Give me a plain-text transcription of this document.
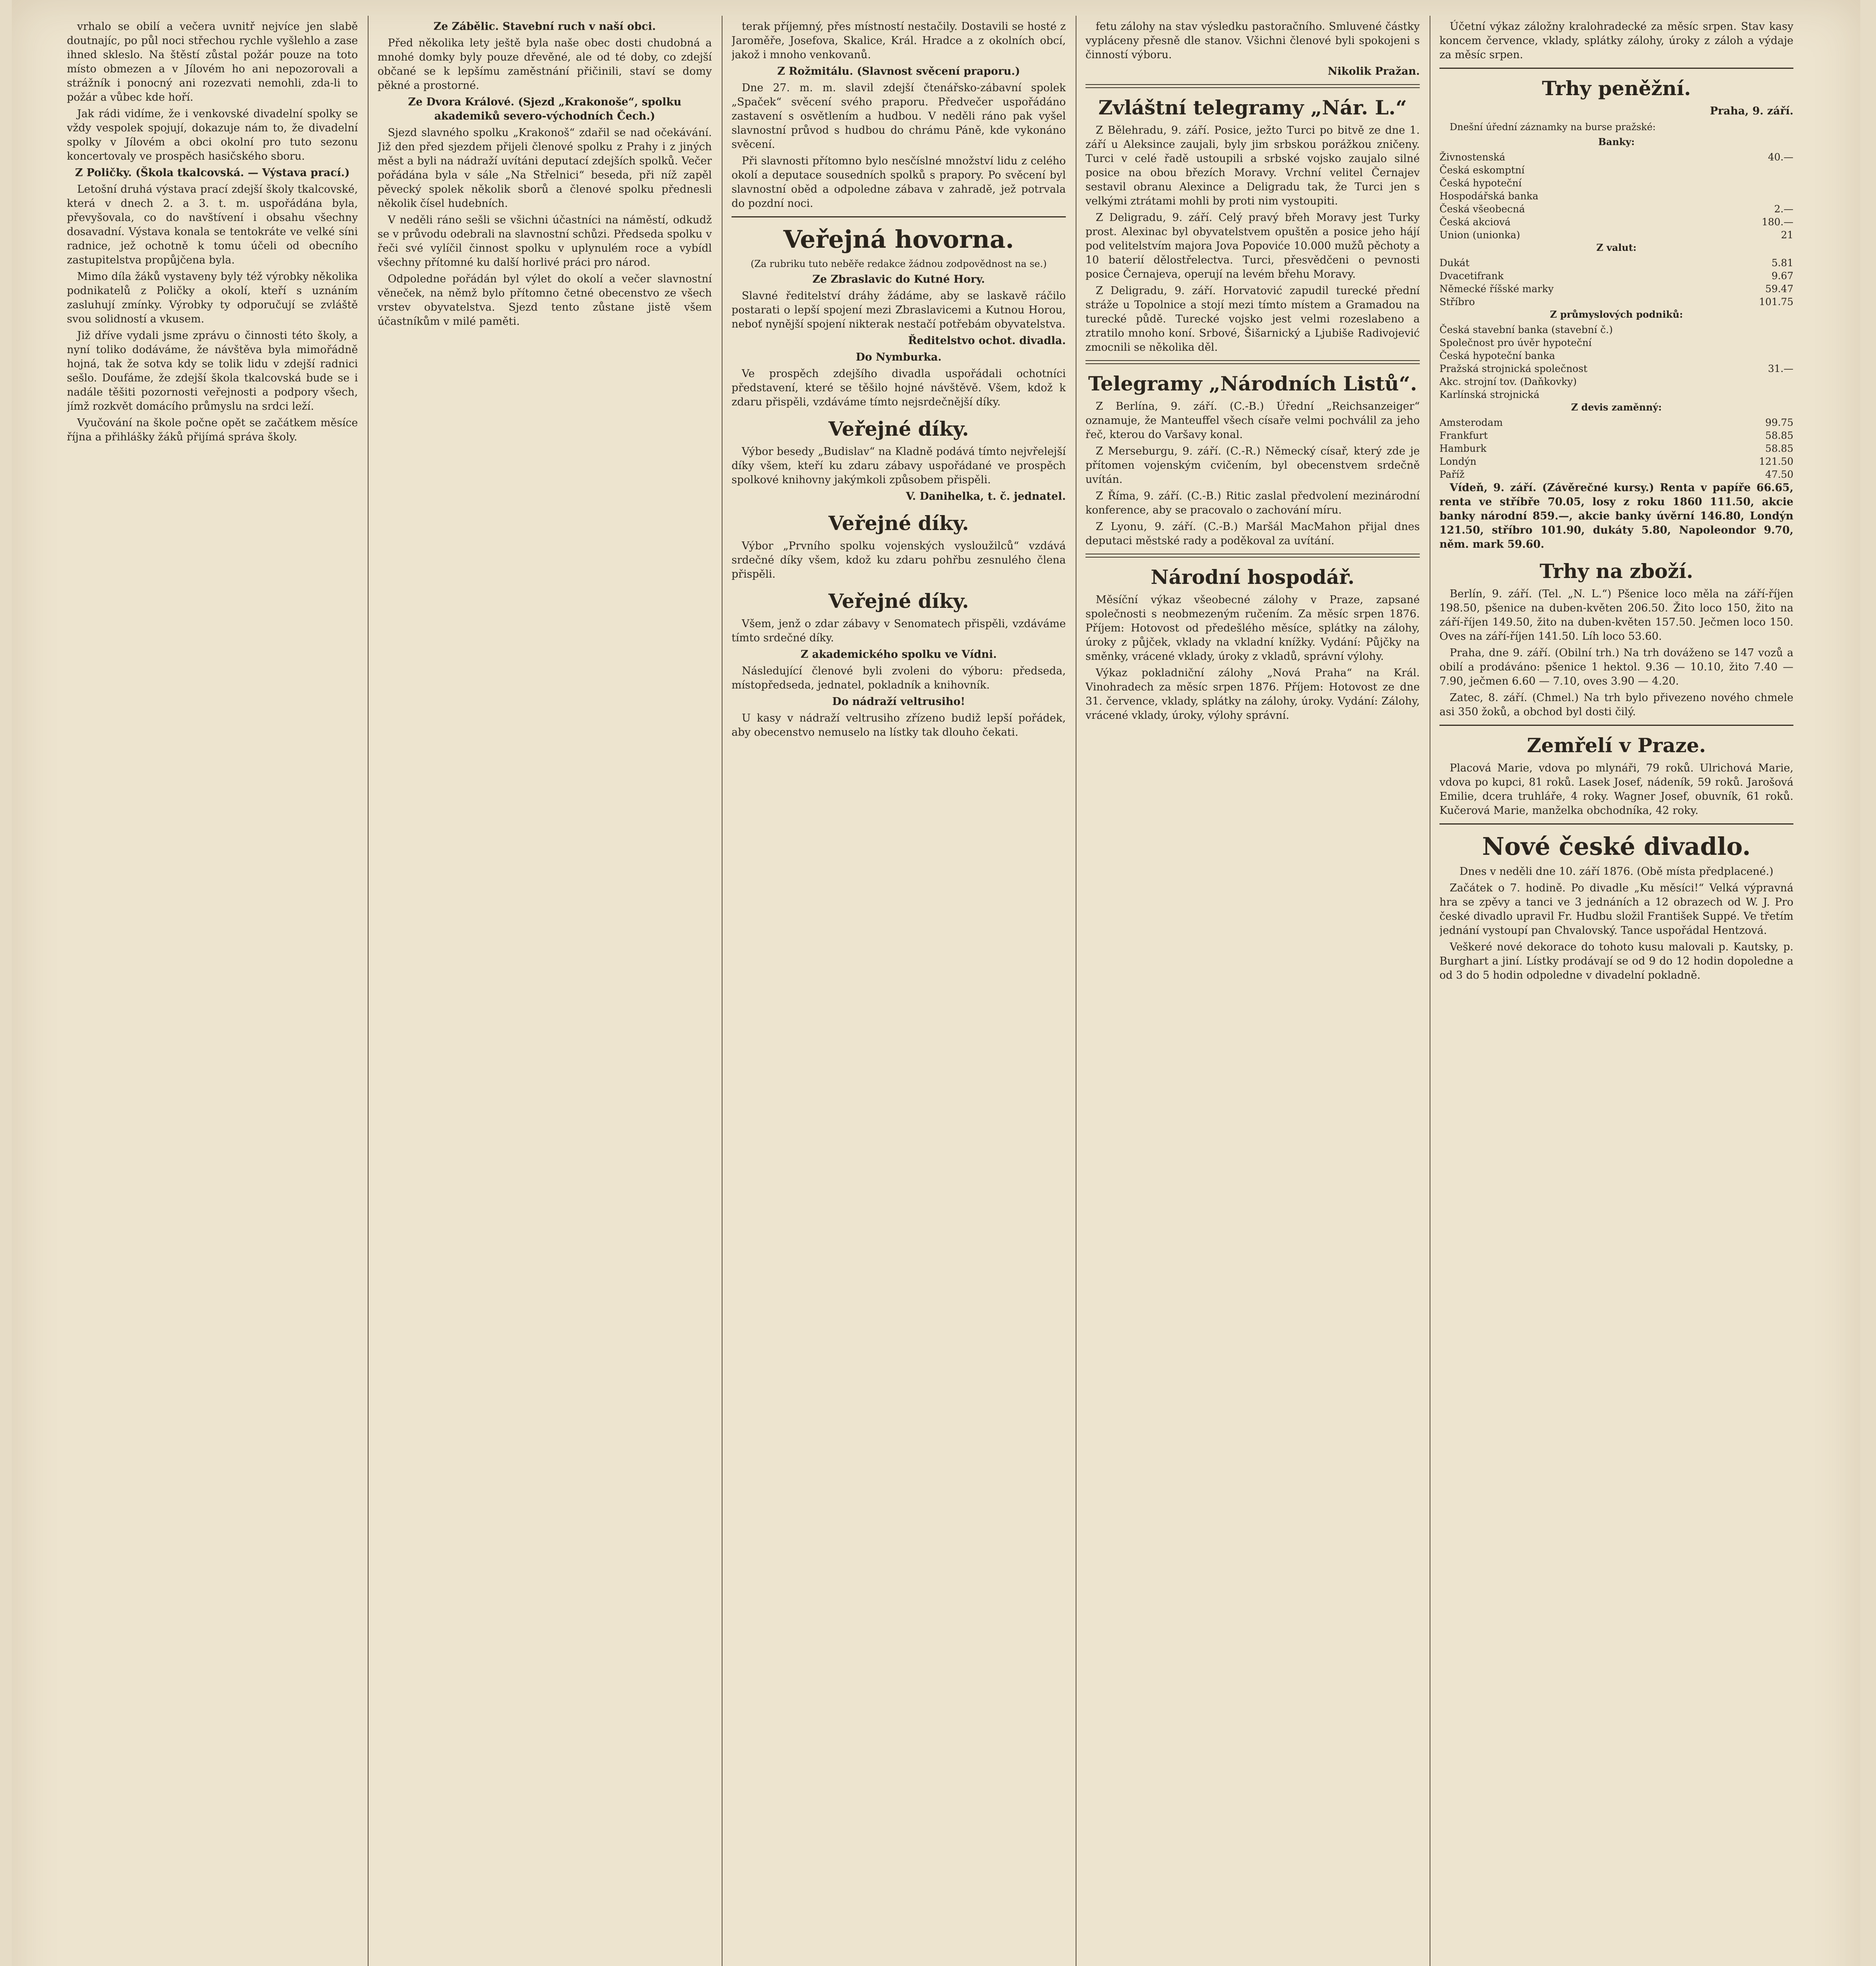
vrhalo se obilí a večera uvnitř nejvíce jen slabě doutnajíc, po půl noci střechou rychle vyšlehlo a zase ihned skleslo. Na štěstí zůstal požár pouze na toto místo obmezen a v Jílovém ho ani nepozorovali a strážník i ponocný ani rozezvati nemohli, zda-li to požár a vůbec kde hoří.

Jak rádi vidíme, že i venkovské divadelní spolky se vždy vespolek spojují, dokazuje nám to, že divadelní spolky v Jílovém a obci okolní pro tuto sezonu koncertovaly ve prospěch hasičského sboru.

Z Poličky. (Škola tkalcovská. — Výstava prací.)

Letošní druhá výstava prací zdejší školy tkalcovské, která v dnech 2. a 3. t. m. uspořádána byla, převyšovala, co do navštívení i obsahu všechny dosavadní. Výstava konala se tentokráte ve velké síni radnice, jež ochotně k tomu účeli od obecního zastupitelstva propůjčena byla.

Mimo díla žáků vystaveny byly též výrobky několika podnikatelů z Poličky a okolí, kteří s uznáním zasluhují zmínky. Výrobky ty odporučují se zvláště svou solidností a vkusem.

Již dříve vydali jsme zprávu o činnosti této školy, a nyní toliko dodáváme, že návštěva byla mimořádně hojná, tak že sotva kdy se tolik lidu v zdejší radnici sešlo. Doufáme, že zdejší škola tkalcovská bude se i nadále těšiti pozornosti veřejnosti a podpory všech, jímž rozkvět domácího průmyslu na srdci leží.

Vyučování na škole počne opět se začátkem měsíce října a přihlášky žáků přijímá správa školy.

Ze Zábělic. Stavební ruch v naší obci.

Před několika lety ještě byla naše obec dosti chudobná a mnohé domky byly pouze dřevěné, ale od té doby, co zdejší občané se k lepšímu zaměstnání přičinili, staví se domy pěkné a prostorné.

Ze Dvora Králové. (Sjezd „Krakonoše“, spolku akademiků severo-východních Čech.)

Sjezd slavného spolku „Krakonoš“ zdařil se nad očekávání. Již den před sjezdem přijeli členové spolku z Prahy i z jiných měst a byli na nádraží uvítáni deputací zdejších spolků. Večer pořádána byla v sále „Na Střelnici“ beseda, při níž zapěl pěvecký spolek několik sborů a členové spolku přednesli několik čísel hudebních.

V neděli ráno sešli se všichni účastníci na náměstí, odkudž se v průvodu odebrali na slavnostní schůzi. Předseda spolku v řeči své vylíčil činnost spolku v uplynulém roce a vybídl všechny přítomné ku další horlivé práci pro národ.

Odpoledne pořádán byl výlet do okolí a večer slavnostní věneček, na němž bylo přítomno četné obecenstvo ze všech vrstev obyvatelstva. Sjezd tento zůstane jistě všem účastníkům v milé paměti.

terak příjemný, přes místností nestačily. Dostavili se hosté z Jaroměře, Josefova, Skalice, Král. Hradce a z okolních obcí, jakož i mnoho venkovanů.

Z Rožmitálu. (Slavnost svěcení praporu.)

Dne 27. m. m. slavil zdejší čtenářsko-zábavní spolek „Spaček“ svěcení svého praporu. Předvečer uspořádáno zastavení s osvětlením a hudbou. V neděli ráno pak vyšel slavnostní průvod s hudbou do chrámu Páně, kde vykonáno svěcení.

Při slavnosti přítomno bylo nesčíslné množství lidu z celého okolí a deputace sousedních spolků s prapory. Po svěcení byl slavnostní oběd a odpoledne zábava v zahradě, jež potrvala do pozdní noci.

Veřejná hovorna.

(Za rubriku tuto neběře redakce žádnou zodpovědnost na se.)

Ze Zbraslavic do Kutné Hory.

Slavné ředitelství dráhy žádáme, aby se laskavě ráčilo postarati o lepší spojení mezi Zbraslavicemi a Kutnou Horou, neboť nynější spojení nikterak nestačí potřebám obyvatelstva.

Ředitelstvo ochot. divadla.

Do Nymburka.

Ve prospěch zdejšího divadla uspořádali ochotníci představení, které se těšilo hojné návštěvě. Všem, kdož k zdaru přispěli, vzdáváme tímto nejsrdečnější díky.

Veřejné díky.

Výbor besedy „Budislav“ na Kladně podává tímto nejvřelejší díky všem, kteří ku zdaru zábavy uspořádané ve prospěch spolkové knihovny jakýmkoli způsobem přispěli.

V. Danihelka, t. č. jednatel.

Veřejné díky.

Výbor „Prvního spolku vojenských vysloužilců“ vzdává srdečné díky všem, kdož ku zdaru pohřbu zesnulého člena přispěli.

Veřejné díky.

Všem, jenž o zdar zábavy v Senomatech přispěli, vzdáváme tímto srdečné díky.

Z akademického spolku ve Vídni.

Následující členové byli zvoleni do výboru: předseda, místopředseda, jednatel, pokladník a knihovník.

Do nádraží veltrusiho!

U kasy v nádraží veltrusiho zřízeno budiž lepší pořádek, aby obecenstvo nemuselo na lístky tak dlouho čekati.

fetu zálohy na stav výsledku pastoračního. Smluvené částky vypláceny přesně dle stanov. Všichni členové byli spokojeni s činností výboru.

Nikolik Pražan.

Zvláštní telegramy „Nár. L.“

Z Bělehradu, 9. září. Posice, ježto Turci po bitvě ze dne 1. září u Aleksince zaujali, byly jim srbskou porážkou zničeny. Turci v celé řadě ustoupili a srbské vojsko zaujalo silné posice na obou březích Moravy. Vrchní velitel Černajev sestavil obranu Alexince a Deligradu tak, že Turci jen s velkými ztrátami mohli by proti nim vystoupiti.

Z Deligradu, 9. září. Celý pravý břeh Moravy jest Turky prost. Alexinac byl obyvatelstvem opuštěn a posice jeho hájí pod velitelstvím majora Jova Popoviće 10.000 mužů pěchoty a 10 baterií dělostřelectva. Turci, přesvědčeni o pevnosti posice Černajeva, operují na levém břehu Moravy.

Z Deligradu, 9. září. Horvatović zapudil turecké přední stráže u Topolnice a stojí mezi tímto místem a Gramadou na turecké půdě. Turecké vojsko jest velmi rozeslabeno a ztratilo mnoho koní. Srbové, Šišarnický a Ljubiše Radivojević zmocnili se několika děl.

Telegramy „Národních Listů“.

Z Berlína, 9. září. (C.-B.) Úřední „Reichsanzeiger“ oznamuje, že Manteuffel všech císaře velmi pochválil za jeho řeč, kterou do Varšavy konal.

Z Merseburgu, 9. září. (C.-R.) Německý císař, který zde je přítomen vojenským cvičením, byl obecenstvem srdečně uvítán.

Z Říma, 9. září. (C.-B.) Ritic zaslal předvolení mezinárodní konference, aby se pracovalo o zachování míru.

Z Lyonu, 9. září. (C.-B.) Maršál MacMahon přijal dnes deputaci městské rady a poděkoval za uvítání.

Národní hospodář.

Měsíční výkaz všeobecné zálohy v Praze, zapsané společnosti s neobmezeným ručením. Za měsíc srpen 1876. Příjem: Hotovost od předešlého měsíce, splátky na zálohy, úroky z půjček, vklady na vkladní knížky. Vydání: Půjčky na směnky, vrácené vklady, úroky z vkladů, správní výlohy.

Výkaz pokladniční zálohy „Nová Praha“ na Král. Vinohradech za měsíc srpen 1876. Příjem: Hotovost ze dne 31. července, vklady, splátky na zálohy, úroky. Vydání: Zálohy, vrácené vklady, úroky, výlohy správní.

Účetní výkaz záložny kralohradecké za měsíc srpen. Stav kasy koncem července, vklady, splátky zálohy, úroky z záloh a výdaje za měsíc srpen.

Trhy peněžní.

Praha, 9. září.

Dnešní úřední záznamky na burse pražské:

Banky:

Živnostenská	40.—
Česká eskomptní	
Česká hypoteční	
Hospodářská banka	
Česká všeobecná	2.—
Česká akciová	180.—
Union (unionka)	21

Z valut:

Dukát	5.81
Dvacetifrank	9.67
Německé říšské marky	59.47
Stříbro	101.75

Z průmyslových podniků:

Česká stavební banka (stavební č.)	
Společnost pro úvěr hypoteční	
Česká hypoteční banka	
Pražská strojnická společnost	31.—
Akc. strojní tov. (Daňkovky)	
Karlínská strojnická	

Z devis zaměnný:

Amsterodam	99.75
Frankfurt	58.85
Hamburk	58.85
Londýn	121.50
Paříž	47.50

Vídeň, 9. září. (Závěrečné kursy.) Renta v papíře 66.65, renta ve stříbře 70.05, losy z roku 1860 111.50, akcie banky národní 859.—, akcie banky úvěrní 146.80, Londýn 121.50, stříbro 101.90, dukáty 5.80, Napoleondor 9.70, něm. mark 59.60.

Trhy na zboží.

Berlín, 9. září. (Tel. „N. L.“) Pšenice loco měla na září-říjen 198.50, pšenice na duben-květen 206.50. Žito loco 150, žito na září-říjen 149.50, žito na duben-květen 157.50. Ječmen loco 150. Oves na září-říjen 141.50. Líh loco 53.60.

Praha, dne 9. září. (Obilní trh.) Na trh dováženo se 147 vozů a obilí a prodáváno: pšenice 1 hektol. 9.36 — 10.10, žito 7.40 — 7.90, ječmen 6.60 — 7.10, oves 3.90 — 4.20.

Zatec, 8. září. (Chmel.) Na trh bylo přivezeno nového chmele asi 350 žoků, a obchod byl dosti čilý.

Zemřelí v Praze.

Placová Marie, vdova po mlynáři, 79 roků. Ulrichová Marie, vdova po kupci, 81 roků. Lasek Josef, nádeník, 59 roků. Jarošová Emilie, dcera truhláře, 4 roky. Wagner Josef, obuvník, 61 roků. Kučerová Marie, manželka obchodníka, 42 roky.

Nové české divadlo.

Dnes v neděli dne 10. září 1876. (Obě místa předplacené.)

Začátek o 7. hodině. Po divadle „Ku měsíci!“ Velká výpravná hra se zpěvy a tanci ve 3 jednáních a 12 obrazech od W. J. Pro české divadlo upravil Fr. Hudbu složil František Suppé. Ve třetím jednání vystoupí pan Chvalovský. Tance uspořádal Hentzová.

Veškeré nové dekorace do tohoto kusu malovali p. Kautsky, p. Burghart a jiní. Lístky prodávají se od 9 do 12 hodin dopoledne a od 3 do 5 hodin odpoledne v divadelní pokladně.
